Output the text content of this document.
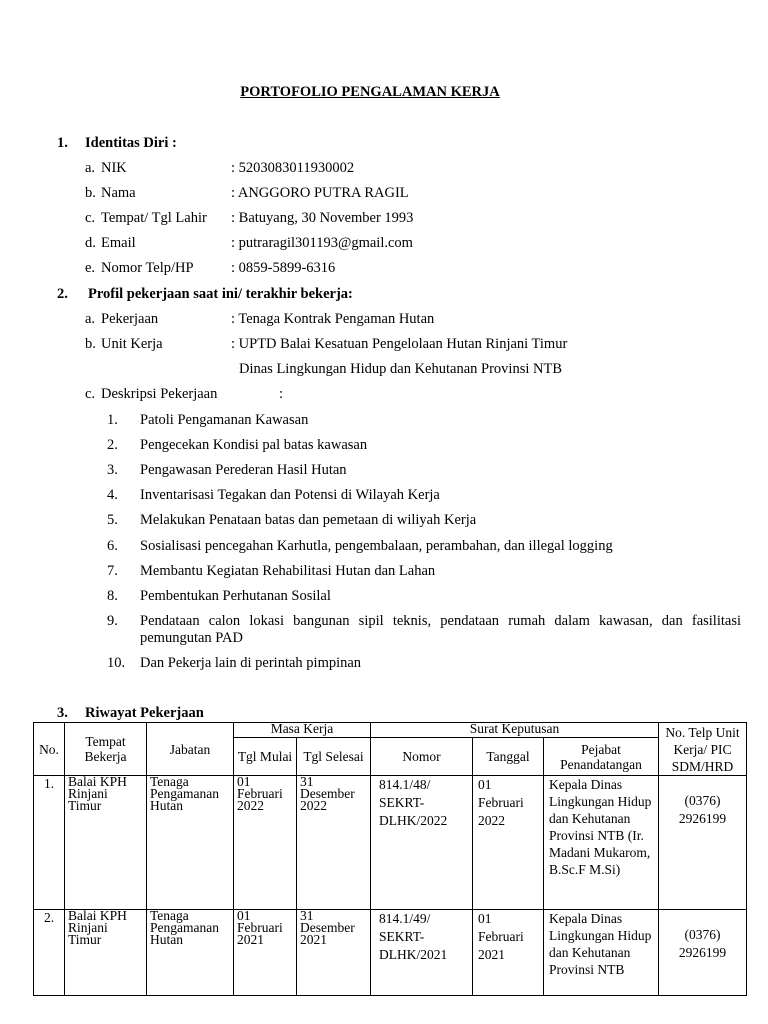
PORTOFOLIO PENGALAMAN KERJA
1. Identitas Diri :
a. NIK	: 5203083011930002
b. Nama	: ANGGORO PUTRA RAGIL
c. Tempat/ Tgl Lahir : Batuyang, 30 November 1993
d. Email	: putraragil301193@gmail.com
e. Nomor Telp/HP	: 0859-5899-6316
2. Profil pekerjaan saat ini/ terakhir bekerja:
a. Pekerjaan	: Tenaga Kontrak Pengaman Hutan
b. Unit Kerja	: UPTD Balai Kesatuan Pengelolaan Hutan Rinjani Timur
Dinas Lingkungan Hidup dan Kehutanan Provinsi NTB
c. Deskripsi Pekerjaan	:
1. Patoli Pengamanan Kawasan
2. Pengecekan Kondisi pal batas kawasan
3. Pengawasan Perederan Hasil Hutan
4. Inventarisasi Tegakan dan Potensi di Wilayah Kerja
5. Melakukan Penataan batas dan pemetaan di wiliyah Kerja
6. Sosialisasi pencegahan Karhutla, pengembalaan, perambahan, dan illegal logging
7. Membantu Kegiatan Rehabilitasi Hutan dan Lahan
8. Pembentukan Perhutanan Sosilal
9. Pendataan calon lokasi bangunan sipil teknis, pendataan rumah dalam kawasan, dan fasilitasi pemungutan PAD
10. Dan Pekerja lain di perintah pimpinan
3. Riwayat Pekerjaan
No.	Tempat Bekerja	Jabatan	Masa Kerja		Surat Keputusan			No. Telp Unit Kerja/ PIC SDM/HRD
			Tgl Mulai	Tgl Selesai	Nomor	Tanggal	Pejabat Penandatangan	
1.	Balai KPH Rinjani Timur	Tenaga Pengamanan Hutan	01 Februari 2022	31 Desember 2022	814.1/48/ SEKRT-DLHK/2022	01 Februari 2022	Kepala Dinas Lingkungan Hidup dan Kehutanan Provinsi NTB (Ir. Madani Mukarom, B.Sc.F M.Si)	(0376) 2926199
2.	Balai KPH Rinjani Timur	Tenaga Pengamanan Hutan	01 Februari 2021	31 Desember 2021	814.1/49/ SEKRT-DLHK/2021	01 Februari 2021	Kepala Dinas Lingkungan Hidup dan Kehutanan Provinsi NTB	(0376) 2926199
